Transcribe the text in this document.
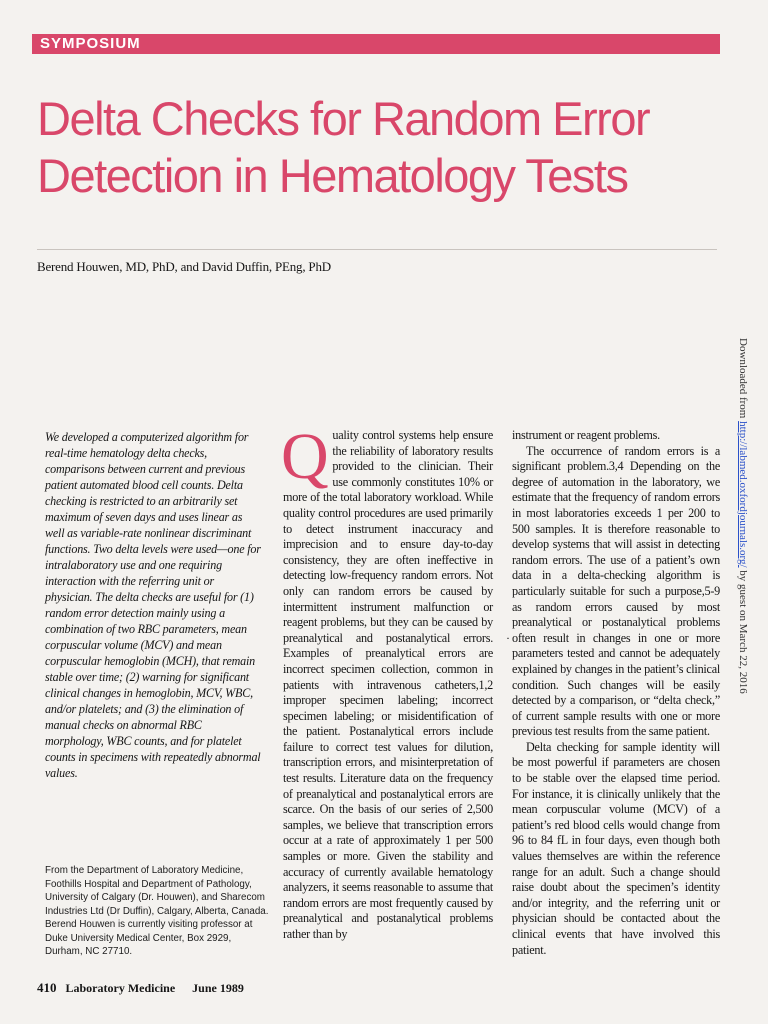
SYMPOSIUM
Delta Checks for Random Error
Detection in Hematology Tests
Berend Houwen, MD, PhD, and David Duffin, PEng, PhD
Downloaded from http://labmed.oxfordjournals.org/ by guest on March 22, 2016

We developed a computerized algorithm for real-time hematology delta checks, comparisons between current and previous patient automated blood cell counts. Delta checking is restricted to an arbitrarily set maximum of seven days and uses linear as well as variable-rate nonlinear discriminant functions. Two delta levels were used—one for intralaboratory use and one requiring interaction with the referring unit or physician. The delta checks are useful for (1) random error detection mainly using a combination of two RBC parameters, mean corpuscular volume (MCV) and mean corpuscular hemoglobin (MCH), that remain stable over time; (2) warning for significant clinical changes in hemoglobin, MCV, WBC, and/or platelets; and (3) the elimination of manual checks on abnormal RBC morphology, WBC counts, and for platelet counts in specimens with repeatedly abnormal values.

From the Department of Laboratory Medicine, Foothills Hospital and Department of Pathology, University of Calgary (Dr. Houwen), and Sharecom Industries Ltd (Dr Duffin), Calgary, Alberta, Canada. Berend Houwen is currently visiting professor at Duke University Medical Center, Box 2929, Durham, NC 27710.

Q uality control systems help ensure the reliability of laboratory results provided to the clinician. Their use commonly constitutes 10% or more of the total laboratory workload. While quality control procedures are used primarily to detect instrument inaccuracy and imprecision and to ensure day-to-day consistency, they are often ineffective in detecting low-frequency random errors. Not only can random errors be caused by intermittent instrument malfunction or reagent problems, but they can be caused by preanalytical and postanalytical errors. Examples of preanalytical errors are incorrect specimen collection, common in patients with intravenous catheters,1,2 improper specimen labeling; incorrect specimen labeling; or misidentification of the patient. Postanalytical errors include failure to correct test values for dilution, transcription errors, and misinterpretation of test results. Literature data on the frequency of preanalytical and postanalytical errors are scarce. On the basis of our series of 2,500 samples, we believe that transcription errors occur at a rate of approximately 1 per 500 samples or more. Given the stability and accuracy of currently available hematology analyzers, it seems reasonable to assume that random errors are most frequently caused by preanalytical and postanalytical problems rather than by
·

instrument or reagent problems.

The occurrence of random errors is a significant problem.3,4 Depending on the degree of automation in the laboratory, we estimate that the frequency of random errors in most laboratories exceeds 1 per 200 to 500 samples. It is therefore reasonable to develop systems that will assist in detecting random errors. The use of a patient’s own data in a delta-checking algorithm is particularly suitable for such a purpose,5-9 as random errors caused by most preanalytical or postanalytical problems often result in changes in one or more parameters tested and cannot be adequately explained by changes in the patient’s clinical condition. Such changes will be easily detected by a comparison, or “delta check,” of current sample results with one or more previous test results from the same patient.

Delta checking for sample identity will be most powerful if parameters are chosen to be stable over the elapsed time period. For instance, it is clinically unlikely that the mean corpuscular volume (MCV) of a patient’s red blood cells would change from 96 to 84 fL in four days, even though both values themselves are within the reference range for an adult. Such a change should raise doubt about the specimen’s identity and/or integrity, and the referring unit or physician should be contacted about the clinical events that have involved this patient.

410 Laboratory Medicine June 1989
